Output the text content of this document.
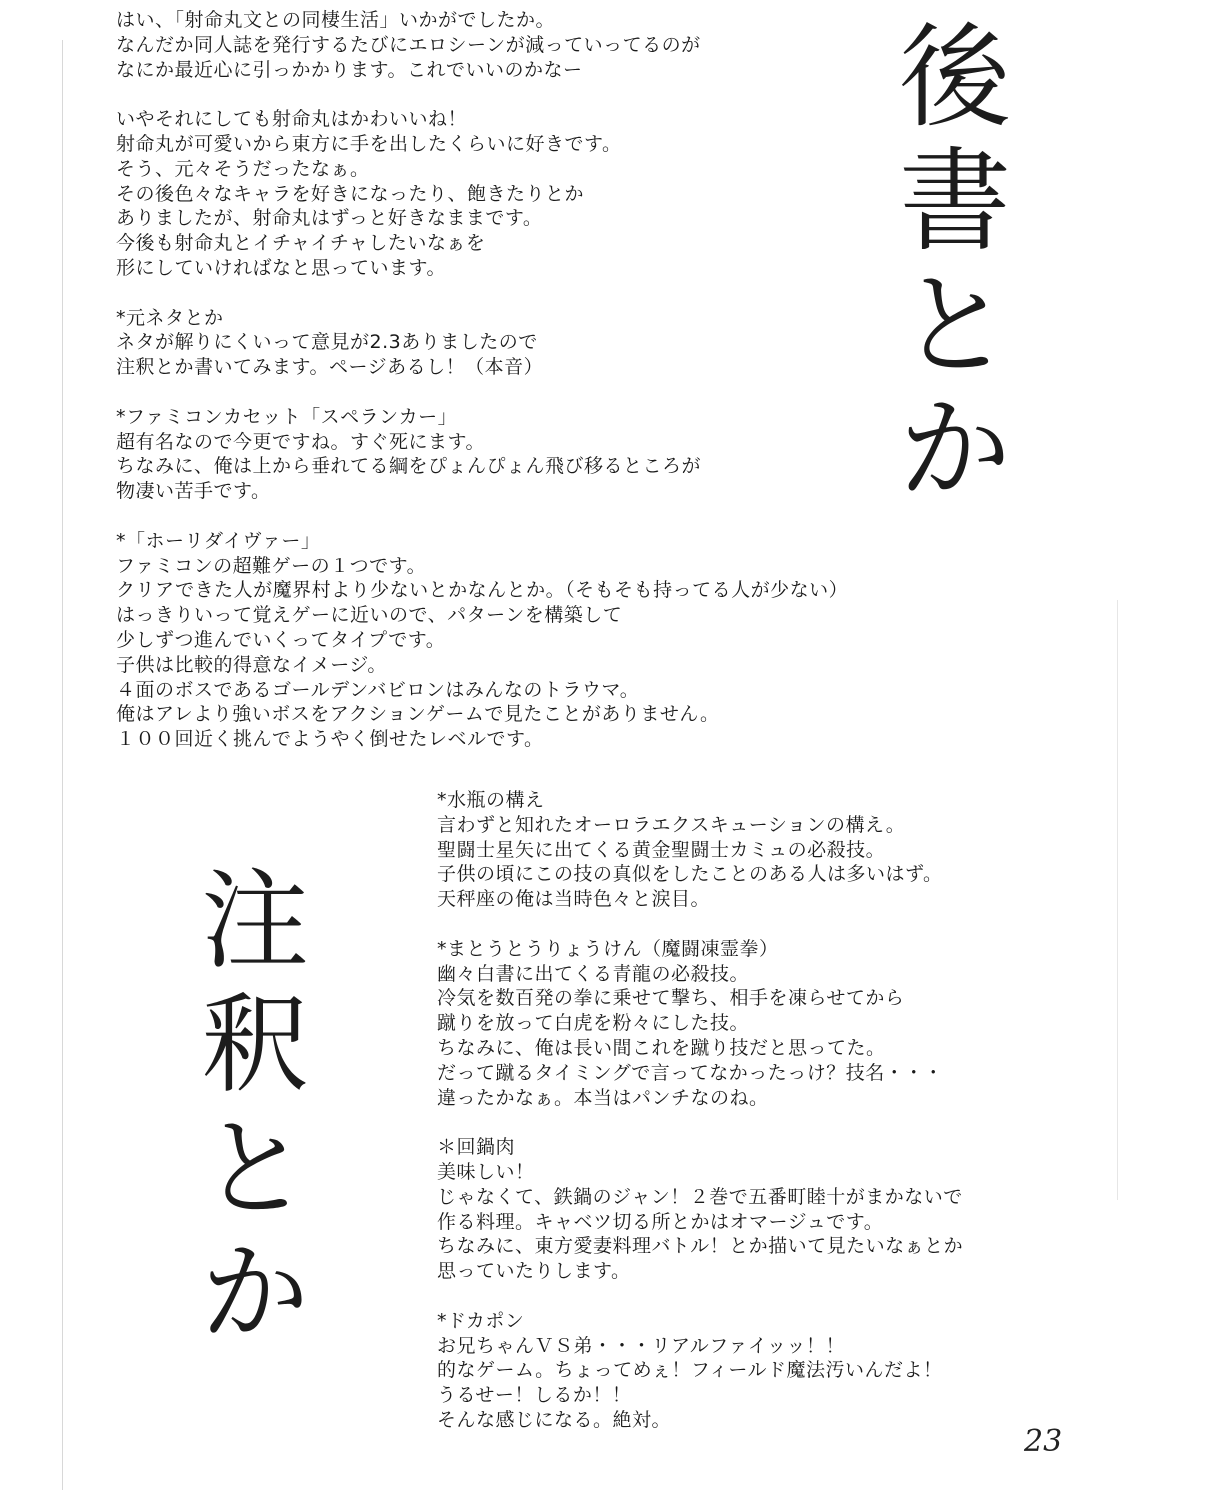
はい、「射命丸文との同棲生活」いかがでしたか。

なんだか同人誌を発行するたびにエロシーンが減っていってるのが

なにか最近心に引っかかります。これでいいのかなー

いやそれにしても射命丸はかわいいね！

射命丸が可愛いから東方に手を出したくらいに好きです。

そう、元々そうだったなぁ。

その後色々なキャラを好きになったり、飽きたりとか

ありましたが、射命丸はずっと好きなままです。

今後も射命丸とイチャイチャしたいなぁを

形にしていければなと思っています。

*元ネタとか

ネタが解りにくいって意見が2.3ありましたので

注釈とか書いてみます。ページあるし！（本音）

*ファミコンカセット「スペランカー」

超有名なので今更ですね。すぐ死にます。

ちなみに、俺は上から垂れてる綱をぴょんぴょん飛び移るところが

物凄い苦手です。

*「ホーリダイヴァー」

ファミコンの超難ゲーの１つです。

クリアできた人が魔界村より少ないとかなんとか。（そもそも持ってる人が少ない）

はっきりいって覚えゲーに近いので、パターンを構築して

少しずつ進んでいくってタイプです。

子供は比較的得意なイメージ。

４面のボスであるゴールデンバビロンはみんなのトラウマ。

俺はアレより強いボスをアクションゲームで見たことがありません。

１００回近く挑んでようやく倒せたレベルです。

後
書
と
か
注
釈
と
か

*水瓶の構え

言わずと知れたオーロラエクスキューションの構え。

聖闘士星矢に出てくる黄金聖闘士カミュの必殺技。

子供の頃にこの技の真似をしたことのある人は多いはず。

天秤座の俺は当時色々と涙目。

*まとうとうりょうけん（魔闘凍霊拳）

幽々白書に出てくる青龍の必殺技。

冷気を数百発の拳に乗せて撃ち、相手を凍らせてから

蹴りを放って白虎を粉々にした技。

ちなみに、俺は長い間これを蹴り技だと思ってた。

だって蹴るタイミングで言ってなかったっけ？技名・・・

違ったかなぁ。本当はパンチなのね。

＊回鍋肉

美味しい！

じゃなくて、鉄鍋のジャン！２巻で五番町睦十がまかないで

作る料理。キャベツ切る所とかはオマージュです。

ちなみに、東方愛妻料理バトル！とか描いて見たいなぁとか

思っていたりします。

*ドカポン

お兄ちゃんＶＳ弟・・・リアルファイッッ！！

的なゲーム。ちょってめぇ！フィールド魔法汚いんだよ！

うるせー！しるか！！

そんな感じになる。絶対。

23
